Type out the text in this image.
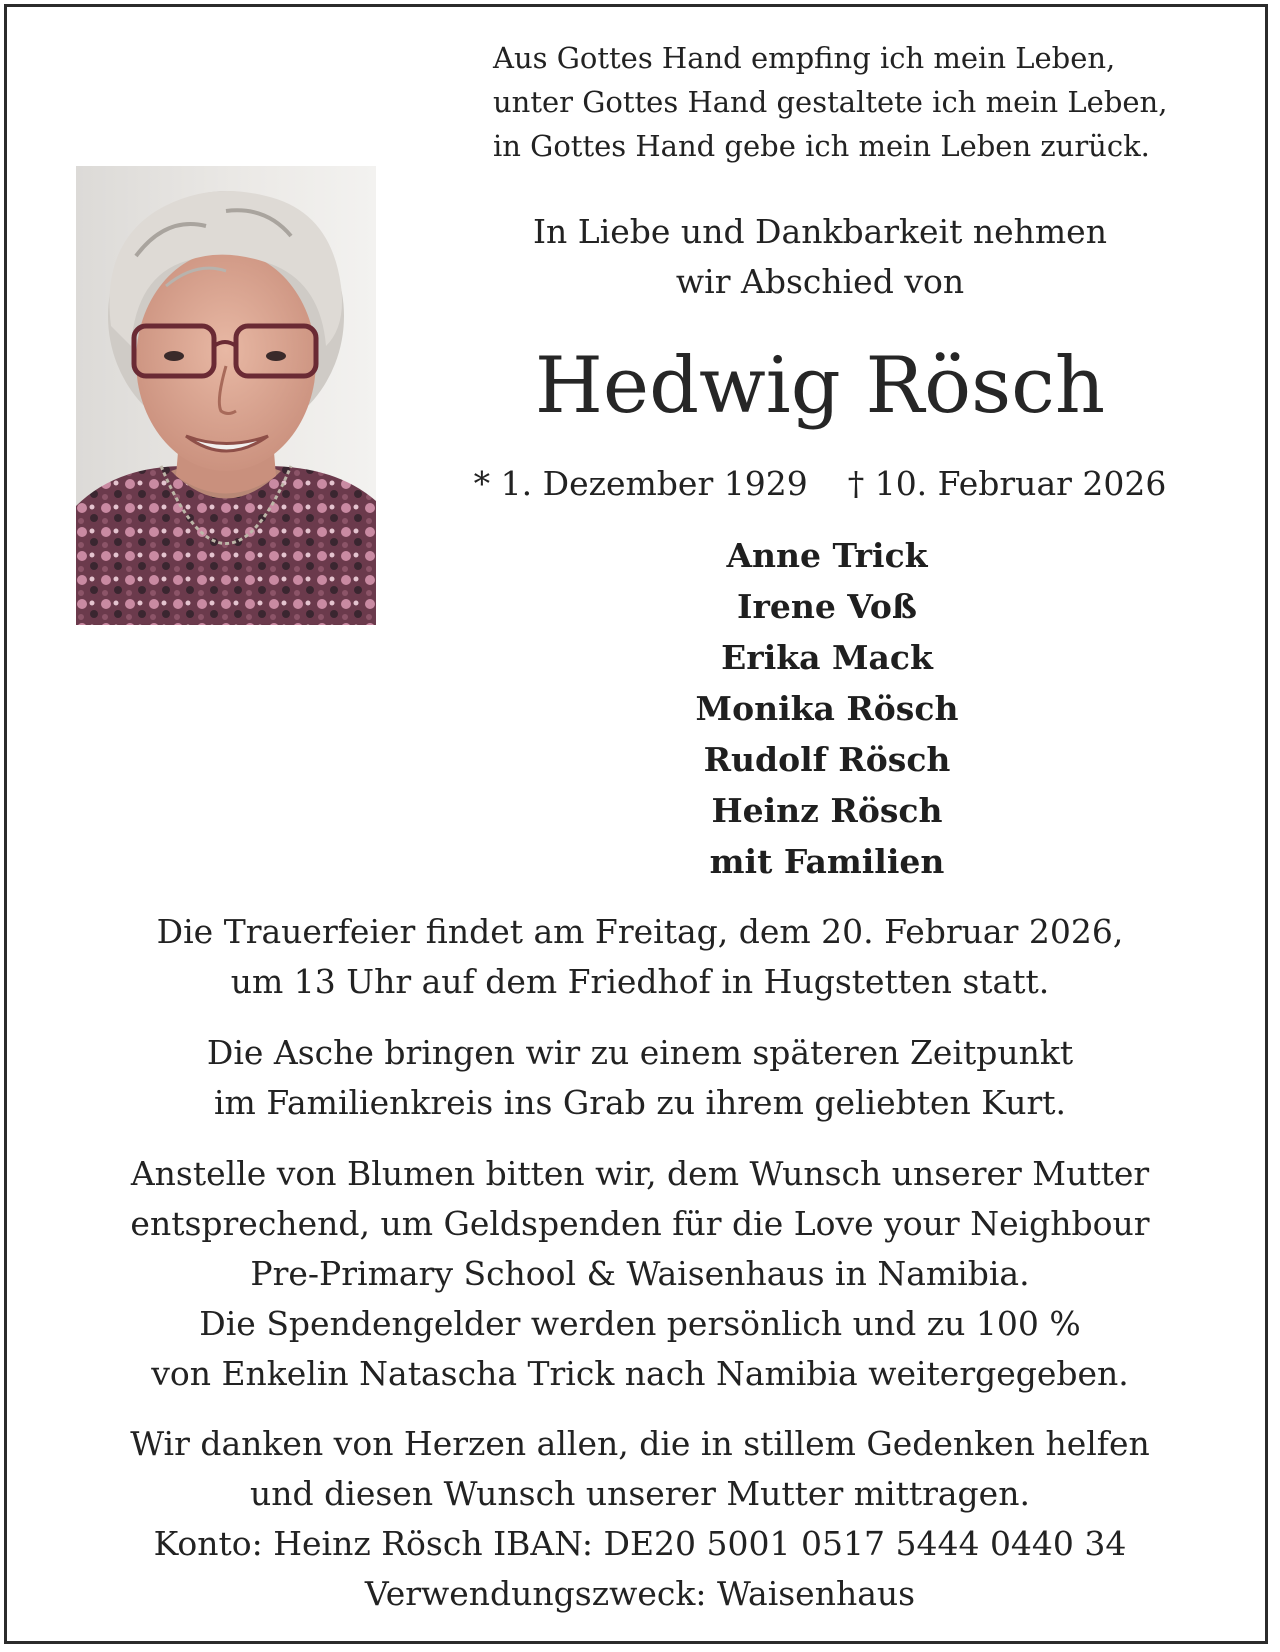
Aus Gottes Hand empfing ich mein Leben,
unter Gottes Hand gestaltete ich mein Leben,
in Gottes Hand gebe ich mein Leben zurück.
In Liebe und Dankbarkeit nehmen
wir Abschied von
Hedwig Rösch
* 1. Dezember 1929 † 10. Februar 2026
Anne Trick
Irene Voß
Erika Mack
Monika Rösch
Rudolf Rösch
Heinz Rösch
mit Familien
Die Trauerfeier findet am Freitag, dem 20. Februar 2026,
um 13 Uhr auf dem Friedhof in Hugstetten statt.
Die Asche bringen wir zu einem späteren Zeitpunkt
im Familienkreis ins Grab zu ihrem geliebten Kurt.
Anstelle von Blumen bitten wir, dem Wunsch unserer Mutter
entsprechend, um Geldspenden für die Love your Neighbour
Pre-Primary School & Waisenhaus in Namibia.
Die Spendengelder werden persönlich und zu 100 %
von Enkelin Natascha Trick nach Namibia weitergegeben.
Wir danken von Herzen allen, die in stillem Gedenken helfen
und diesen Wunsch unserer Mutter mittragen.
Konto: Heinz Rösch IBAN: DE20 5001 0517 5444 0440 34
Verwendungszweck: Waisenhaus
